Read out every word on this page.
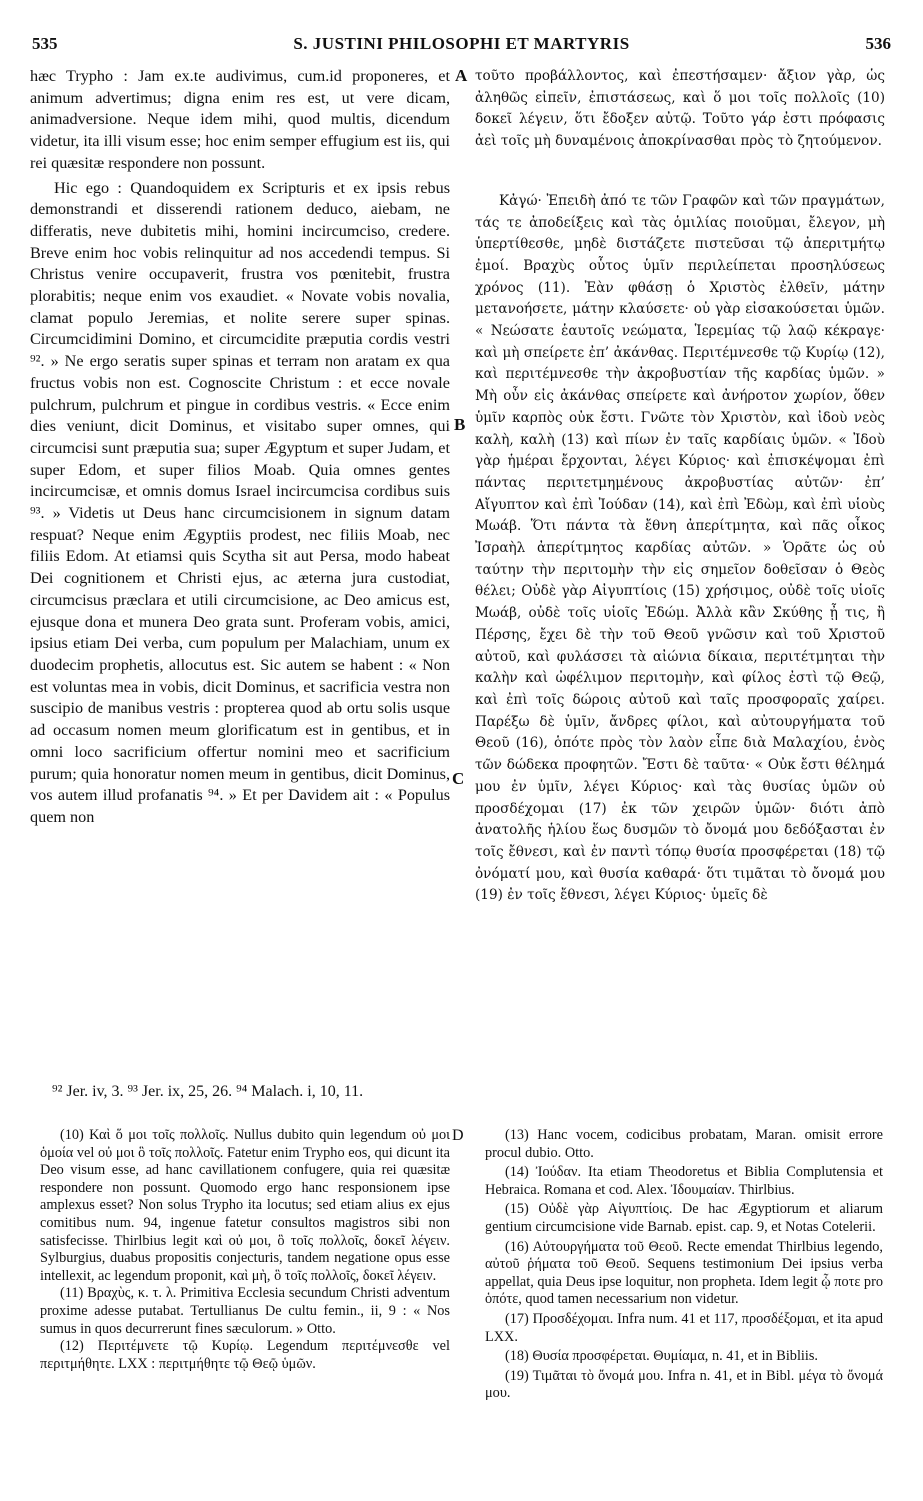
535	S. JUSTINI PHILOSOPHI ET MARTYRIS	536

hæc Trypho : Jam ex.te audivimus, cum.id proponeres, et animum advertimus; digna enim res est, ut vere dicam, animadversione. Neque idem mihi, quod multis, dicendum videtur, ita illi visum esse; hoc enim semper effugium est iis, qui rei quæsitæ respondere non possunt.

Hic ego : Quandoquidem ex Scripturis et ex ipsis rebus demonstrandi et disserendi rationem deduco, aiebam, ne differatis, neve dubitetis mihi, homini incircumciso, credere. Breve enim hoc vobis relinquitur ad nos accedendi tempus. Si Christus venire occupaverit, frustra vos pœnitebit, frustra plorabitis; neque enim vos exaudiet. « Novate vobis novalia, clamat populo Jeremias, et nolite serere super spinas. Circumcidimini Domino, et circumcidite præputia cordis vestri ⁹². » Ne ergo seratis super spinas et terram non aratam ex qua fructus vobis non est. Cognoscite Christum : et ecce novale pulchrum, pulchrum et pingue in cordibus vestris. « Ecce enim dies veniunt, dicit Dominus, et visitabo super omnes, qui circumcisi sunt præputia sua; super Ægyptum et super Judam, et super Edom, et super filios Moab. Quia omnes gentes incircumcisæ, et omnis domus Israel incircumcisa cordibus suis ⁹³. » Videtis ut Deus hanc circumcisionem in signum datam respuat? Neque enim Ægyptiis prodest, nec filiis Moab, nec filiis Edom. At etiamsi quis Scytha sit aut Persa, modo habeat Dei cognitionem et Christi ejus, ac æterna jura custodiat, circumcisus præclara et utili circumcisione, ac Deo amicus est, ejusque dona et munera Deo grata sunt. Proferam vobis, amici, ipsius etiam Dei verba, cum populum per Malachiam, unum ex duodecim prophetis, allocutus est. Sic autem se habent : « Non est voluntas mea in vobis, dicit Dominus, et sacrificia vestra non suscipio de manibus vestris : propterea quod ab ortu solis usque ad occasum nomen meum glorificatum est in gentibus, et in omni loco sacrificium offertur nomini meo et sacrificium purum; quia honoratur nomen meum in gentibus, dicit Dominus, vos autem illud profanatis ⁹⁴. » Et per Davidem ait : « Populus quem non

A
B
C

τοῦτο προβάλλοντος, καὶ ἐπεστήσαμεν· ἄξιον γὰρ, ὡς ἀληθῶς εἰπεῖν, ἐπιστάσεως, καὶ ὅ μοι τοῖς πολλοῖς (10) δοκεῖ λέγειν, ὅτι ἔδοξεν αὐτῷ. Τοῦτο γάρ ἐστι πρόφασις ἀεὶ τοῖς μὴ δυναμένοις ἀποκρίνασθαι πρὸς τὸ ζητούμενον.

Κἀγώ· Ἐπειδὴ ἀπό τε τῶν Γραφῶν καὶ τῶν πραγμάτων, τάς τε ἀποδείξεις καὶ τὰς ὁμιλίας ποιοῦμαι, ἔλεγον, μὴ ὑπερτίθεσθε, μηδὲ διστάζετε πιστεῦσαι τῷ ἀπεριτμήτῳ ἐμοί. Βραχὺς οὗτος ὑμῖν περιλείπεται προσηλύσεως χρόνος (11). Ἐὰν φθάσῃ ὁ Χριστὸς ἐλθεῖν, μάτην μετανοήσετε, μάτην κλαύσετε· οὐ γὰρ εἰσακούσεται ὑμῶν. « Νεώσατε ἑαυτοῖς νεώματα, Ἱερεμίας τῷ λαῷ κέκραγε· καὶ μὴ σπείρετε ἐπ’ ἀκάνθας. Περιτέμνεσθε τῷ Κυρίῳ (12), καὶ περιτέμνεσθε τὴν ἀκροβυστίαν τῆς καρδίας ὑμῶν. » Μὴ οὖν εἰς ἀκάνθας σπείρετε καὶ ἀνήροτον χωρίον, ὅθεν ὑμῖν καρπὸς οὐκ ἔστι. Γνῶτε τὸν Χριστὸν, καὶ ἰδοὺ νεὸς καλὴ, καλὴ (13) καὶ πίων ἐν ταῖς καρδίαις ὑμῶν. « Ἰδοὺ γὰρ ἡμέραι ἔρχονται, λέγει Κύριος· καὶ ἐπισκέψομαι ἐπὶ πάντας περιτετμημένους ἀκροβυστίας αὐτῶν· ἐπ’ Αἴγυπτον καὶ ἐπὶ Ἰούδαν (14), καὶ ἐπὶ Ἐδὼμ, καὶ ἐπὶ υἱοὺς Μωάβ. Ὅτι πάντα τὰ ἔθνη ἀπερίτμητα, καὶ πᾶς οἶκος Ἰσραὴλ ἀπερίτμητος καρδίας αὐτῶν. » Ὁρᾶτε ὡς οὐ ταύτην τὴν περιτομὴν τὴν εἰς σημεῖον δοθεῖσαν ὁ Θεὸς θέλει; Οὐδὲ γὰρ Αἰγυπτίοις (15) χρήσιμος, οὐδὲ τοῖς υἱοῖς Μωάβ, οὐδὲ τοῖς υἱοῖς Ἐδώμ. Ἀλλὰ κἂν Σκύθης ᾖ τις, ἢ Πέρσης, ἔχει δὲ τὴν τοῦ Θεοῦ γνῶσιν καὶ τοῦ Χριστοῦ αὐτοῦ, καὶ φυλάσσει τὰ αἰώνια δίκαια, περιτέτμηται τὴν καλὴν καὶ ὠφέλιμον περιτομὴν, καὶ φίλος ἐστὶ τῷ Θεῷ, καὶ ἐπὶ τοῖς δώροις αὐτοῦ καὶ ταῖς προσφοραῖς χαίρει. Παρέξω δὲ ὑμῖν, ἄνδρες φίλοι, καὶ αὐτουργήματα τοῦ Θεοῦ (16), ὁπότε πρὸς τὸν λαὸν εἶπε διὰ Μαλαχίου, ἑνὸς τῶν δώδεκα προφητῶν. Ἔστι δὲ ταῦτα· « Οὐκ ἔστι θέλημά μου ἐν ὑμῖν, λέγει Κύριος· καὶ τὰς θυσίας ὑμῶν οὐ προσδέχομαι (17) ἐκ τῶν χειρῶν ὑμῶν· διότι ἀπὸ ἀνατολῆς ἡλίου ἕως δυσμῶν τὸ ὄνομά μου δεδόξασται ἐν τοῖς ἔθνεσι, καὶ ἐν παντὶ τόπῳ θυσία προσφέρεται (18) τῷ ὀνόματί μου, καὶ θυσία καθαρά· ὅτι τιμᾶται τὸ ὄνομά μου (19) ἐν τοῖς ἔθνεσι, λέγει Κύριος· ὑμεῖς δὲ

⁹² Jer. iv, 3. ⁹³ Jer. ix, 25, 26. ⁹⁴ Malach. i, 10, 11.

(10) Καὶ ὅ μοι τοῖς πολλοῖς. Nullus dubito quin legendum οὐ μοι ὁμοία vel οὐ μοι ὃ τοῖς πολλοῖς. Fatetur enim Trypho eos, qui dicunt ita Deo visum esse, ad hanc cavillationem confugere, quia rei quæsitæ respondere non possunt. Quomodo ergo hanc responsionem ipse amplexus esset? Non solus Trypho ita locutus; sed etiam alius ex ejus comitibus num. 94, ingenue fatetur consultos magistros sibi non satisfecisse. Thirlbius legit καὶ οὐ μοι, ὃ τοῖς πολλοῖς, δοκεῖ λέγειν. Sylburgius, duabus propositis conjecturis, tandem negatione opus esse intellexit, ac legendum proponit, καὶ μὴ, ὃ τοῖς πολλοῖς, δοκεῖ λέγειν.

(11) Βραχὺς, κ. τ. λ. Primitiva Ecclesia secundum Christi adventum proxime adesse putabat. Tertullianus De cultu femin., ii, 9 : « Nos sumus in quos decurrerunt fines sæculorum. » Otto.

(12) Περιτέμνετε τῷ Κυρίῳ. Legendum περιτέμνεσθε vel περιτμήθητε. LXX : περιτμήθητε τῷ Θεῷ ὑμῶν.

D	(13) Hanc vocem, codicibus probatam, Maran. omisit errore procul dubio. Otto.

(14) Ἰούδαν. Ita etiam Theodoretus et Biblia Complutensia et Hebraica. Romana et cod. Alex. Ἰδουμαίαν. Thirlbius.

(15) Οὐδὲ γὰρ Αἰγυπτίοις. De hac Ægyptiorum et aliarum gentium circumcisione vide Barnab. epist. cap. 9, et Notas Cotelerii.

(16) Αὐτουργήματα τοῦ Θεοῦ. Recte emendat Thirlbius legendo, αὐτοῦ ῥήματα τοῦ Θεοῦ. Sequens testimonium Dei ipsius verba appellat, quia Deus ipse loquitur, non propheta. Idem legit ᾧ ποτε pro ὁπότε, quod tamen necessarium non videtur.

(17) Προσδέχομαι. Infra num. 41 et 117, προσδέξομαι, et ita apud LXX.

(18) Θυσία προσφέρεται. Θυμίαμα, n. 41, et in Bibliis.

(19) Τιμᾶται τὸ ὄνομά μου. Infra n. 41, et in Bibl. μέγα τὸ ὄνομά μου.
